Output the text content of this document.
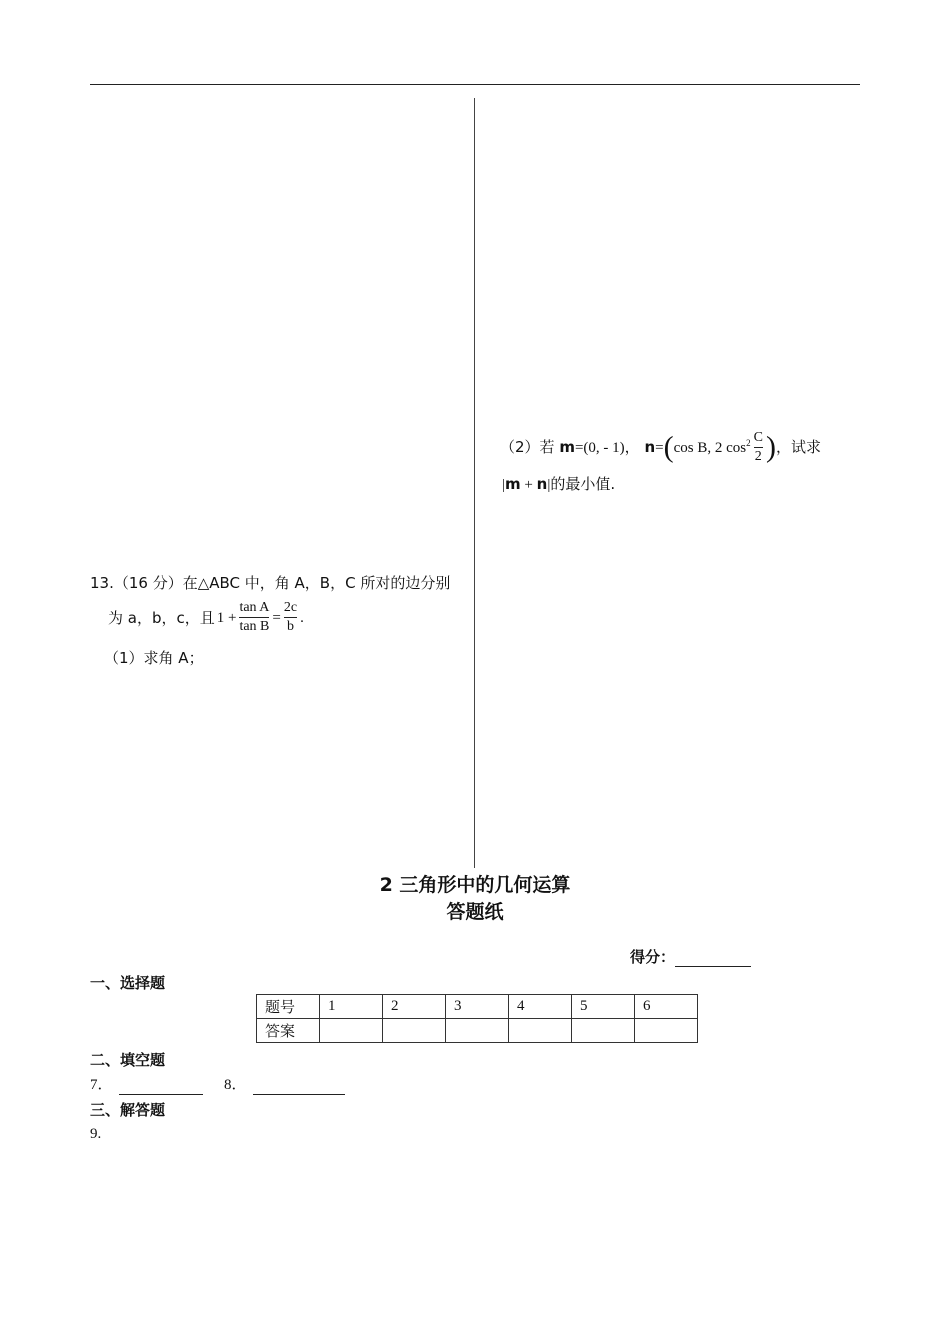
（2）若 m=(0, - 1)， n=(cos B, 2 $\cos^2 \frac{C}{2}$ )，试求
|m + n|的最小值.
13.（16 分）在△ABC 中，角 A，B，C 所对的边分别
为 a，b，c，且 $1 + \frac{\text{tan A}}{\text{tan B}} = \frac{2c}{b}$ .
（1）求角 A；
2 三角形中的几何运算
答题纸
得分：
一、选择题
题号	1	2	3	4	5	6
答案						
二、填空题
7．	8．
三、解答题
9.
